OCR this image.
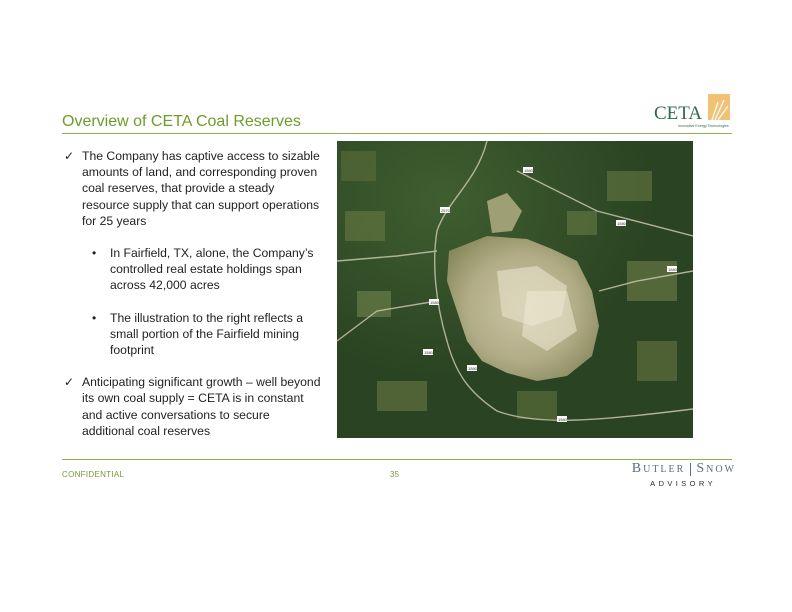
Overview of CETA Coal Reserves	CETA
Innovative Energy Technologies
✓ The Company has captive access to sizable amounts of land, and corresponding proven coal reserves, that provide a steady resource supply that can support operations for 25 years
• In Fairfield, TX, alone, the Company’s controlled real estate holdings span across 42,000 acres
• The illustration to the right reflects a small portion of the Fairfield mining footprint
✓ Anticipating significant growth – well beyond its own coal supply = CETA is in constant and active conversations to secure additional coal reserves
1580
2570
1580
1580
1580
1580
1580
1580
CONFIDENTIAL	35	Butler Snow
ADVISORY
